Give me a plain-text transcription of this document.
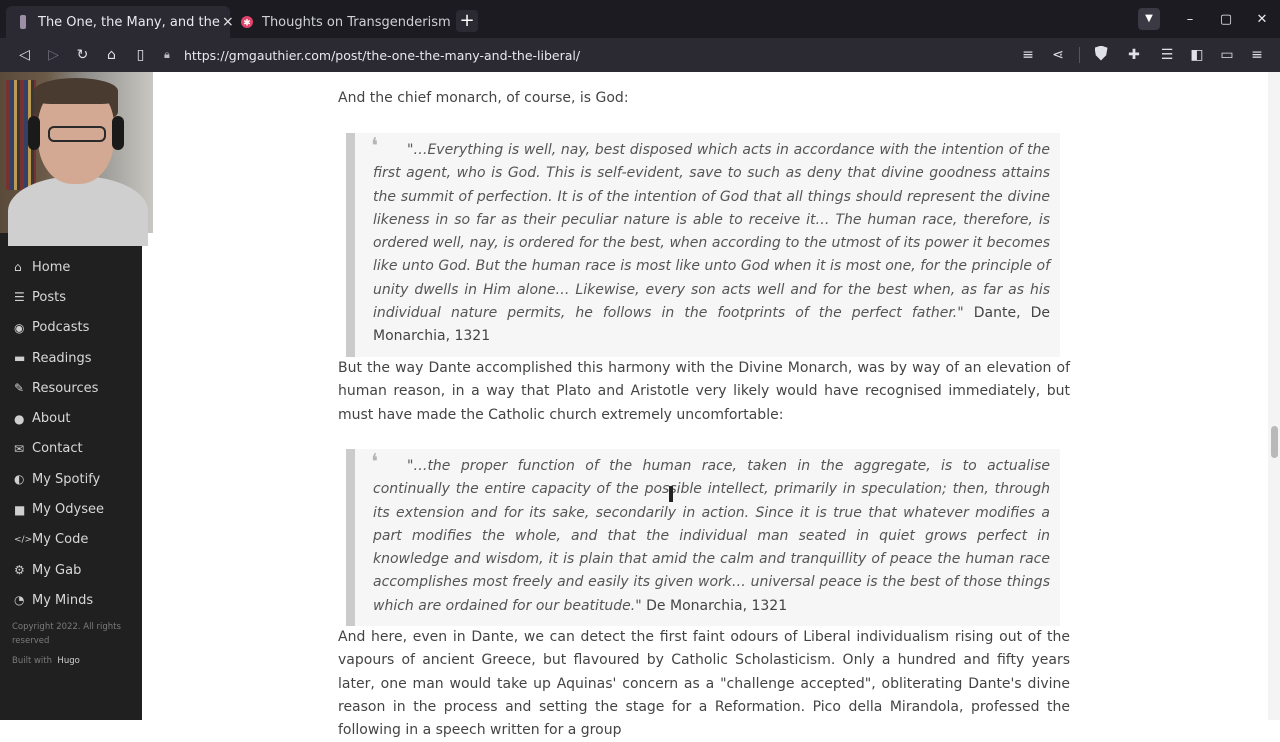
The One, the Many, and the × ✱ Thoughts on Transgenderism +	▼	–	▢	✕
◁	▷	↻	⌂	▯	🔒︎	https://gmgauthier.com/post/the-one-the-many-and-the-liberal/	≡	⋖	✚	☰	◧	▭	≡
⌂ Home
☰ Posts
◉ Podcasts
▬ Readings
✎ Resources
● About
✉ Contact
◐ My Spotify
■ My Odysee
</> My Code
⚙ My Gab
◔ My Minds
Copyright 2022. All rights reserved
Built with Hugo

And the chief monarch, of course, is God:

❛	"…Everything is well, nay, best disposed which acts in accordance with the intention of the first agent, who is God. This is self-evident, save to such as deny that divine goodness attains the summit of perfection. It is of the intention of God that all things should represent the divine likeness in so far as their peculiar nature is able to receive it… The human race, therefore, is ordered well, nay, is ordered for the best, when according to the utmost of its power it becomes like unto God. But the human race is most like unto God when it is most one, for the principle of unity dwells in Him alone… Likewise, every son acts well and for the best when, as far as his individual nature permits, he follows in the footprints of the perfect father." Dante, De Monarchia, 1321

But the way Dante accomplished this harmony with the Divine Monarch, was by way of an elevation of human reason, in a way that Plato and Aristotle very likely would have recognised immediately, but must have made the Catholic church extremely uncomfortable:

❛	"…the proper function of the human race, taken in the aggregate, is to actualise continually the entire capacity of the possible intellect, primarily in speculation; then, through its extension and for its sake, secondarily in action. Since it is true that whatever modifies a part modifies the whole, and that the individual man seated in quiet grows perfect in knowledge and wisdom, it is plain that amid the calm and tranquillity of peace the human race accomplishes most freely and easily its given work… universal peace is the best of those things which are ordained for our beatitude." De Monarchia, 1321

And here, even in Dante, we can detect the first faint odours of Liberal individualism rising out of the vapours of ancient Greece, but flavoured by Catholic Scholasticism. Only a hundred and fifty years later, one man would take up Aquinas' concern as a "challenge accepted", obliterating Dante's divine reason in the process and setting the stage for a Reformation. Pico della Mirandola, professed the following in a speech written for a group
